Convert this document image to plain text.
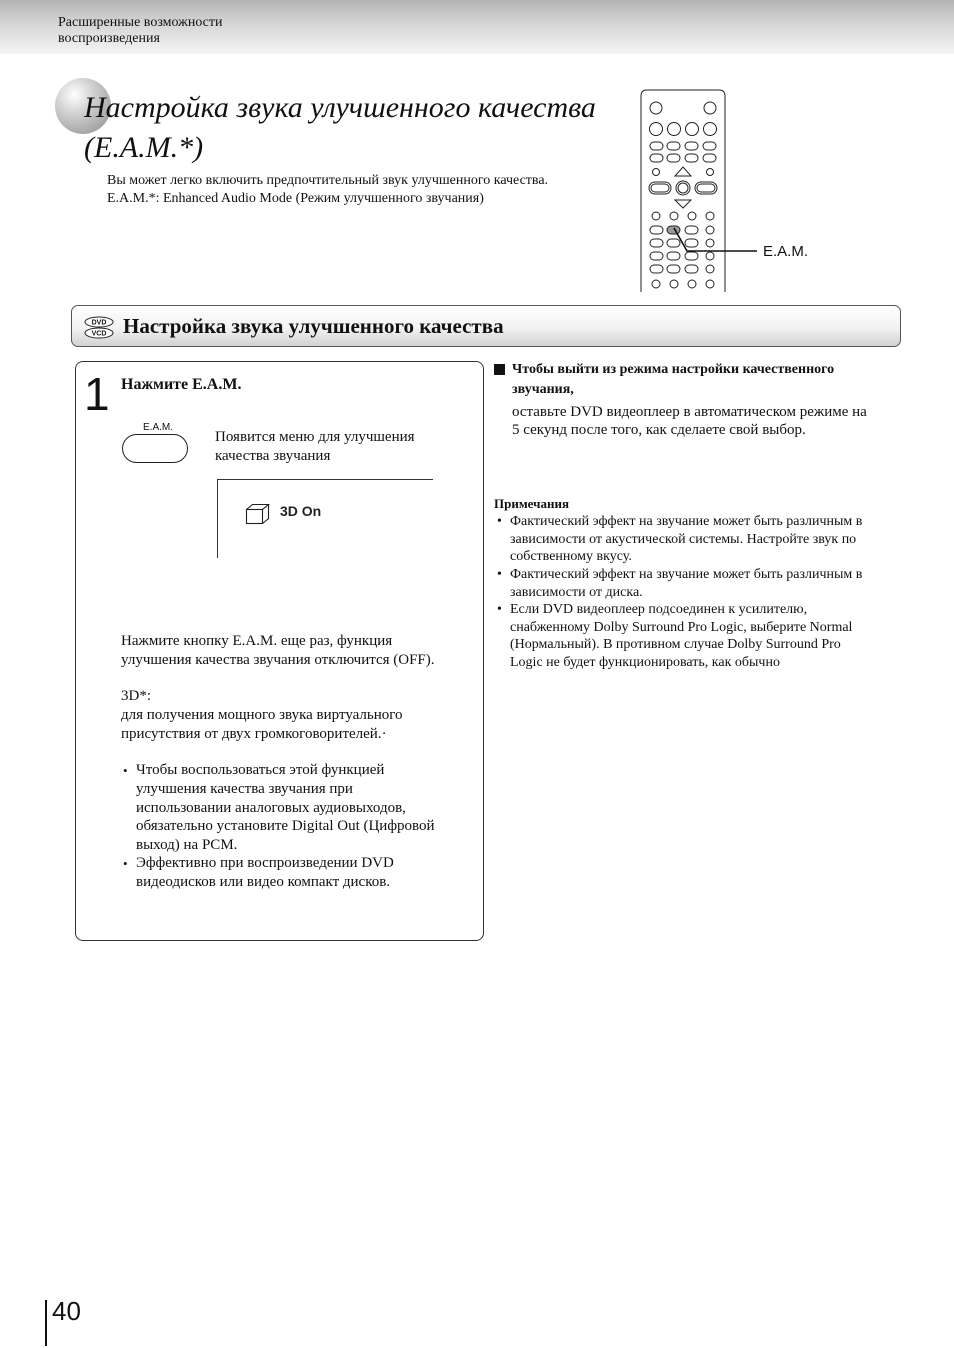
Расширенные возможности
воспроизведения
Настройка звука улучшенного качества
(E.A.M.*)
Вы может легко включить предпочтительный звук улучшенного качества.
E.A.M.*: Enhanced Audio Mode (Режим улучшенного звучания)
E.A.M.
DVD
VCD Настройка звука улучшенного качества
1 Нажмите E.A.M.
E.A.M.
Появится меню для улучшения
качества звучания
3D On
Нажмите кнопку E.A.M. еще раз, функция
улучшения качества звучания отключится (OFF).
3D*:
для получения мощного звука виртуального
присутствия от двух громкоговорителей.·
• Чтобы воспользоваться этой функцией
улучшения качества звучания при
использовании аналоговых аудиовыходов,
обязательно установите Digital Out (Цифровой
выход) на PCM.
• Эффективно при воспроизведении DVD
видеодисков или видео компакт дисков.
Чтобы выйти из режима настройки качественного
звучания,
оставьте DVD видеоплеер в автоматическом режиме на
5 секунд после того, как сделаете свой выбор.
Примечания
• Фактический эффект на звучание может быть различным в
зависимости от акустической системы. Настройте звук по
собственному вкусу.
• Фактический эффект на звучание может быть различным в
зависимости от диска.
• Если DVD видеоплеер подсоединен к усилителю,
снабженному Dolby Surround Pro Logic, выберите Normal
(Нормальный). В противном случае Dolby Surround Pro
Logic не будет функционировать, как обычно
40
